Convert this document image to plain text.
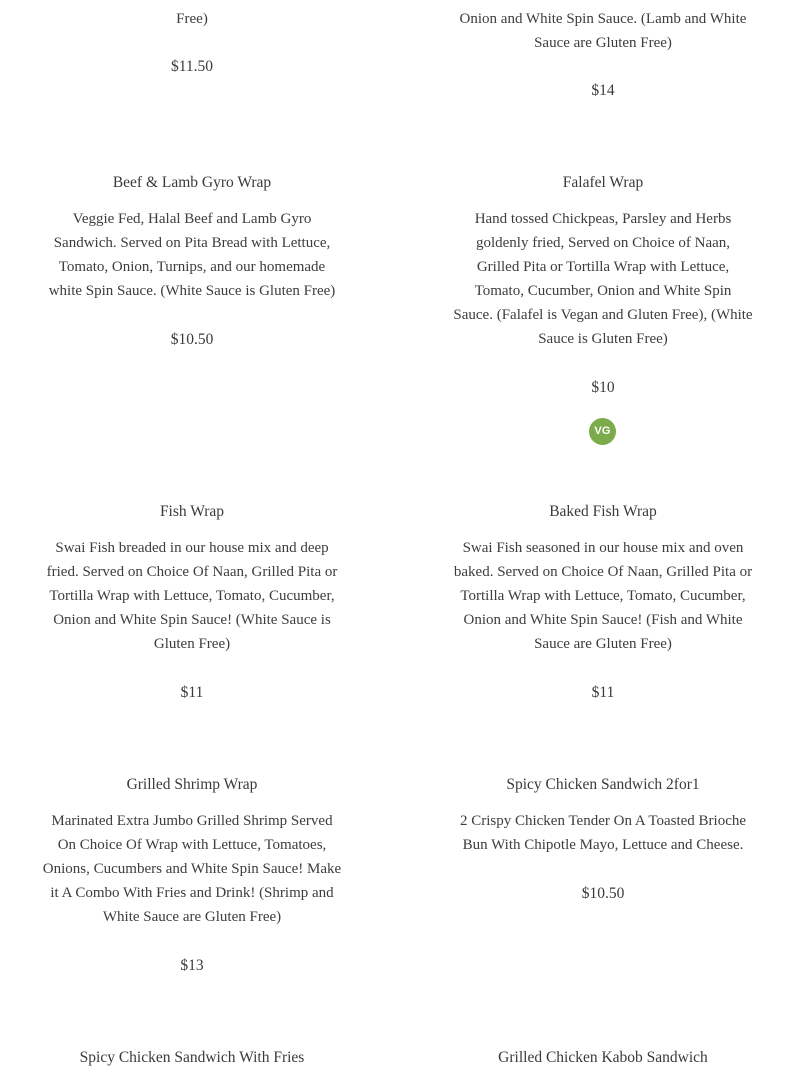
Free)

$11.50

Onion and White Spin Sauce. (Lamb and White Sauce are Gluten Free)

$14
Beef & Lamb Gyro Wrap

Veggie Fed, Halal Beef and Lamb Gyro Sandwich. Served on Pita Bread with Lettuce, Tomato, Onion, Turnips, and our homemade white Spin Sauce. (White Sauce is Gluten Free)

$10.50
Falafel Wrap

Hand tossed Chickpeas, Parsley and Herbs goldenly fried, Served on Choice of Naan, Grilled Pita or Tortilla Wrap with Lettuce, Tomato, Cucumber, Onion and White Spin Sauce. (Falafel is Vegan and Gluten Free), (White Sauce is Gluten Free)

$10
VG
Fish Wrap

Swai Fish breaded in our house mix and deep fried. Served on Choice Of Naan, Grilled Pita or Tortilla Wrap with Lettuce, Tomato, Cucumber, Onion and White Spin Sauce! (White Sauce is Gluten Free)

$11
Baked Fish Wrap

Swai Fish seasoned in our house mix and oven baked. Served on Choice Of Naan, Grilled Pita or Tortilla Wrap with Lettuce, Tomato, Cucumber, Onion and White Spin Sauce! (Fish and White Sauce are Gluten Free)

$11
Grilled Shrimp Wrap

Marinated Extra Jumbo Grilled Shrimp Served On Choice Of Wrap with Lettuce, Tomatoes, Onions, Cucumbers and White Spin Sauce! Make it A Combo With Fries and Drink! (Shrimp and White Sauce are Gluten Free)

$13
Spicy Chicken Sandwich 2for1

2 Crispy Chicken Tender On A Toasted Brioche Bun With Chipotle Mayo, Lettuce and Cheese.

$10.50
Spicy Chicken Sandwich With Fries	Grilled Chicken Kabob Sandwich
